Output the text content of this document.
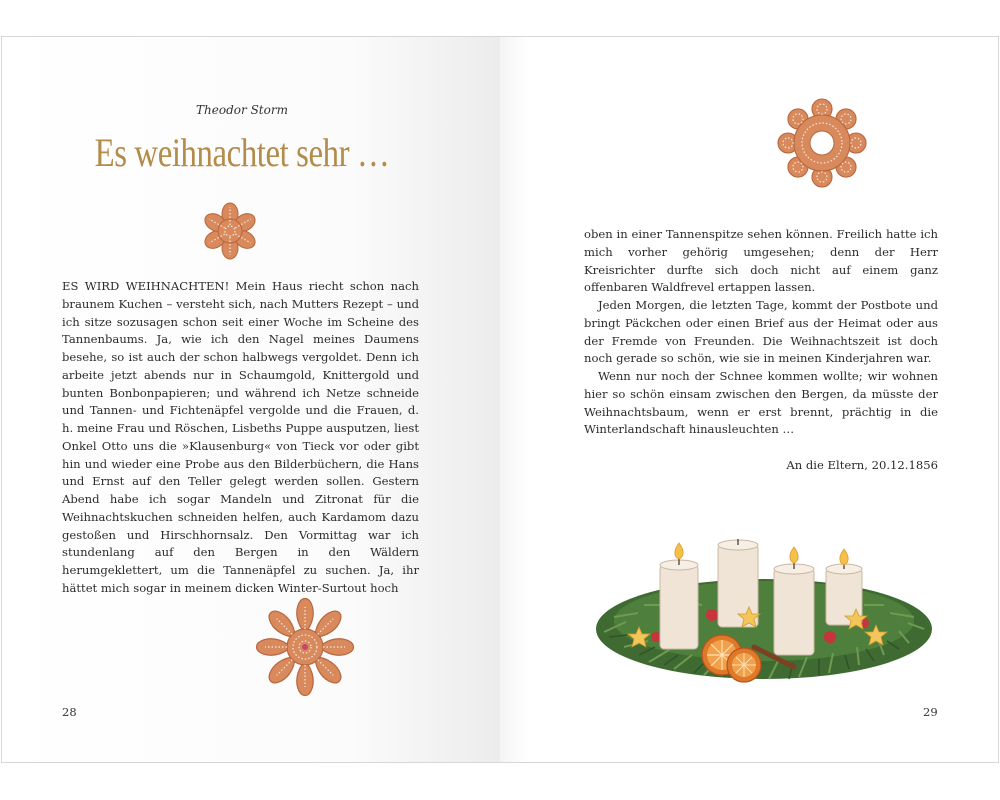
Theodor Storm
Es weihnachtet sehr …
ES WIRD WEIHNACHTEN! Mein Haus riecht schon nach braunem Kuchen – versteht sich, nach Mutters Rezept – und ich sitze sozusagen schon seit einer Woche im Scheine des Tannenbaums. Ja, wie ich den Nagel meines Daumens besehe, so ist auch der schon halbwegs vergoldet. Denn ich arbeite jetzt abends nur in Schaumgold, Knittergold und bunten Bonbonpapieren; und während ich Netze schneide und Tannen- und Fichtenäpfel vergolde und die Frauen, d. h. meine Frau und Röschen, Lisbeths Puppe ausputzen, liest Onkel Otto uns die »Klausenburg« von Tieck vor oder gibt hin und wieder eine Probe aus den Bilderbüchern, die Hans und Ernst auf den Teller gelegt werden sollen. Gestern Abend habe ich sogar Mandeln und Zitronat für die Weihnachtskuchen schneiden helfen, auch Kardamom dazu gestoßen und Hirschhornsalz. Den Vormittag war ich stundenlang auf den Bergen in den Wäldern herumgeklettert, um die Tannenäpfel zu suchen. Ja, ihr hättet mich sogar in meinem dicken Winter-Surtout hoch
28

oben in einer Tannenspitze sehen können. Freilich hatte ich mich vorher gehörig umgesehen; denn der Herr Kreisrichter durfte sich doch nicht auf einem ganz offenbaren Waldfrevel ertappen lassen.

Jeden Morgen, die letzten Tage, kommt der Postbote und bringt Päckchen oder einen Brief aus der Heimat oder aus der Fremde von Freunden. Die Weihnachtszeit ist doch noch gerade so schön, wie sie in meinen Kinderjahren war.

Wenn nur noch der Schnee kommen wollte; wir wohnen hier so schön einsam zwischen den Bergen, da müsste der Weihnachtsbaum, wenn er erst brennt, prächtig in die Winterlandschaft hinausleuchten …

An die Eltern, 20.12.1856
29
